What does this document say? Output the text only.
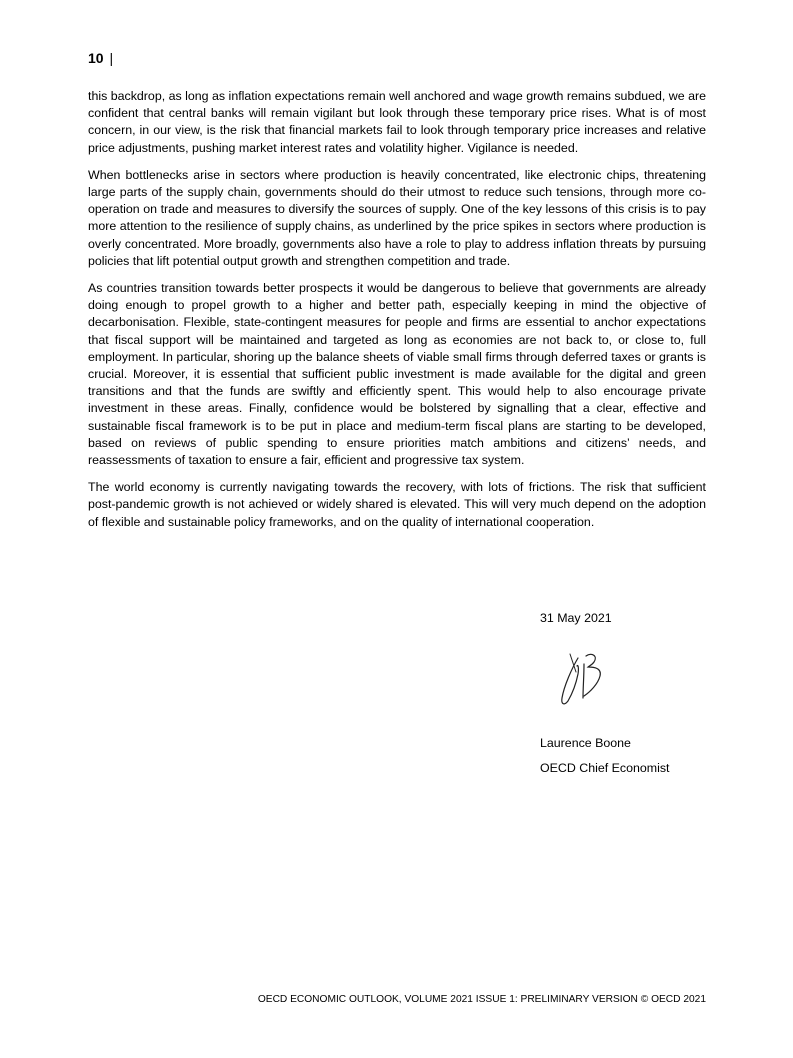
10 |

this backdrop, as long as inflation expectations remain well anchored and wage growth remains subdued, we are confident that central banks will remain vigilant but look through these temporary price rises. What is of most concern, in our view, is the risk that financial markets fail to look through temporary price increases and relative price adjustments, pushing market interest rates and volatility higher. Vigilance is needed.

When bottlenecks arise in sectors where production is heavily concentrated, like electronic chips, threatening large parts of the supply chain, governments should do their utmost to reduce such tensions, through more co-operation on trade and measures to diversify the sources of supply. One of the key lessons of this crisis is to pay more attention to the resilience of supply chains, as underlined by the price spikes in sectors where production is overly concentrated. More broadly, governments also have a role to play to address inflation threats by pursuing policies that lift potential output growth and strengthen competition and trade.

As countries transition towards better prospects it would be dangerous to believe that governments are already doing enough to propel growth to a higher and better path, especially keeping in mind the objective of decarbonisation. Flexible, state-contingent measures for people and firms are essential to anchor expectations that fiscal support will be maintained and targeted as long as economies are not back to, or close to, full employment. In particular, shoring up the balance sheets of viable small firms through deferred taxes or grants is crucial. Moreover, it is essential that sufficient public investment is made available for the digital and green transitions and that the funds are swiftly and efficiently spent. This would help to also encourage private investment in these areas. Finally, confidence would be bolstered by signalling that a clear, effective and sustainable fiscal framework is to be put in place and medium-term fiscal plans are starting to be developed, based on reviews of public spending to ensure priorities match ambitions and citizens’ needs, and reassessments of taxation to ensure a fair, efficient and progressive tax system.

The world economy is currently navigating towards the recovery, with lots of frictions. The risk that sufficient post-pandemic growth is not achieved or widely shared is elevated. This will very much depend on the adoption of flexible and sustainable policy frameworks, and on the quality of international cooperation.

31 May 2021

Laurence Boone

OECD Chief Economist

OECD ECONOMIC OUTLOOK, VOLUME 2021 ISSUE 1: PRELIMINARY VERSION © OECD 2021
